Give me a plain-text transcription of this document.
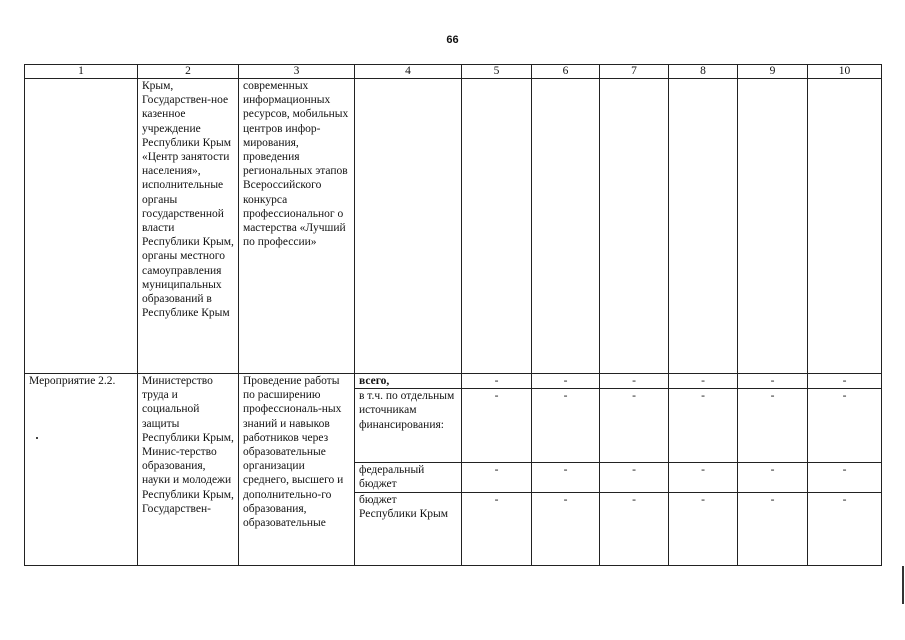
66
1	2	3	4	5	6	7	8	9	10
	Крым, Государствен-ное казенное учреждение Республики Крым «Центр занятости населения», исполнительные органы государственной власти Республики Крым, органы местного самоуправления муниципальных образований в Республике Крым	современных информационных ресурсов, мобильных центров инфор-мирования, проведения региональных этапов Всероссийского конкурса профессиональног о мастерства «Лучший по профессии»							
Мероприятие 2.2.	Министерство труда и социальной защиты Республики Крым, Минис-терство образования, науки и молодежи Республики Крым, Государствен-	Проведение работы по расширению профессиональ-ных знаний и навыков работников через образовательные организации среднего, высшего и дополнительно-го образования, образовательные	всего,	-	-	-	-	-	-
			в т.ч. по отдельным источникам финансирования:	-	-	-	-	-	-
			федеральный бюджет	-	-	-	-	-	-
			бюджет Республики Крым	-	-	-	-	-	-
